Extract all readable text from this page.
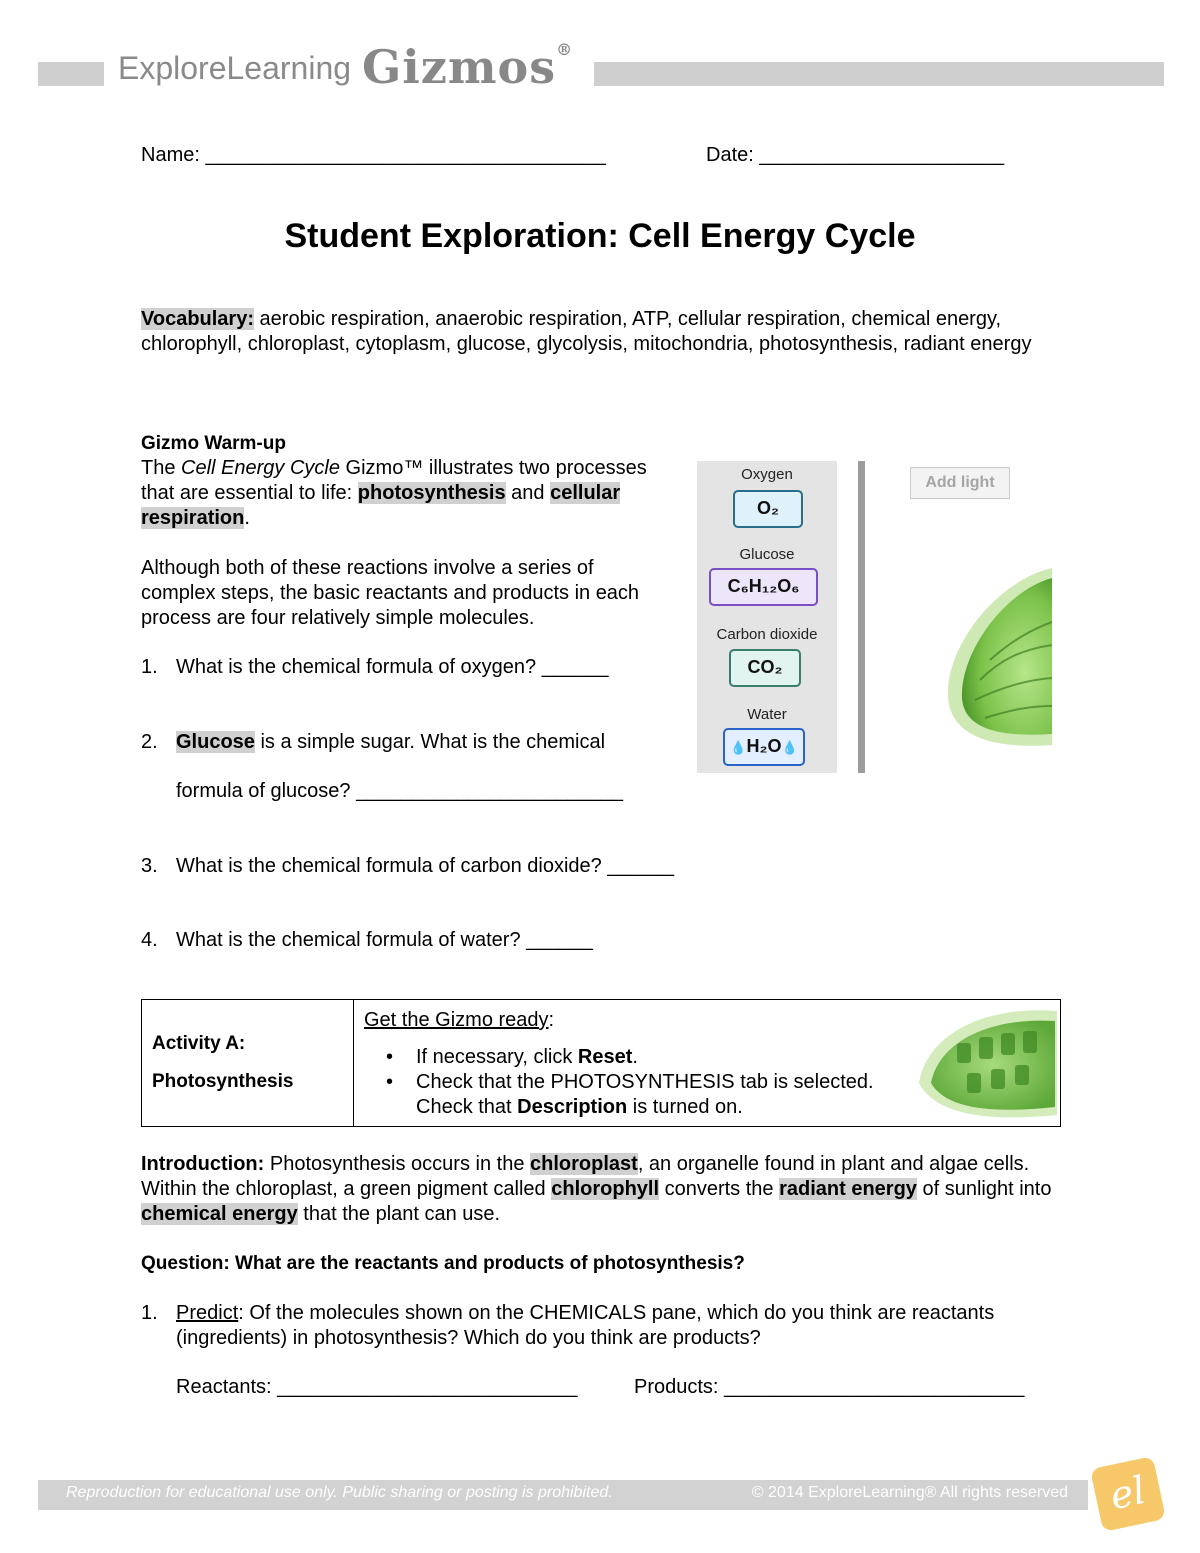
ExploreLearning Gizmos®
Name: ____________________________________	Date: ______________________
Student Exploration: Cell Energy Cycle
Vocabulary: aerobic respiration, anaerobic respiration, ATP, cellular respiration, chemical energy, chlorophyll, chloroplast, cytoplasm, glucose, glycolysis, mitochondria, photosynthesis, radiant energy
Gizmo Warm-up
The Cell Energy Cycle Gizmo™ illustrates two processes that are essential to life: photosynthesis and cellular respiration.
Although both of these reactions involve a series of complex steps, the basic reactants and products in each process are four relatively simple molecules.
1. What is the chemical formula of oxygen? ______
2. Glucose is a simple sugar. What is the chemical
formula of glucose? ________________________
3. What is the chemical formula of carbon dioxide? ______
4. What is the chemical formula of water? ______
Oxygen
O₂
Glucose
C₆H₁₂O₆
Carbon dioxide
CO₂
Water
💧H₂O💧
Add light
Activity A:
Photosynthesis
Get the Gizmo ready:
• If necessary, click Reset.
• Check that the PHOTOSYNTHESIS tab is selected. Check that Description is turned on.
Introduction: Photosynthesis occurs in the chloroplast, an organelle found in plant and algae cells. Within the chloroplast, a green pigment called chlorophyll converts the radiant energy of sunlight into chemical energy that the plant can use.
Question: What are the reactants and products of photosynthesis?
1. Predict: Of the molecules shown on the CHEMICALS pane, which do you think are reactants (ingredients) in photosynthesis? Which do you think are products?
Reactants: ___________________________	Products: ___________________________
Reproduction for educational use only. Public sharing or posting is prohibited.	© 2014 ExploreLearning® All rights reserved	el
